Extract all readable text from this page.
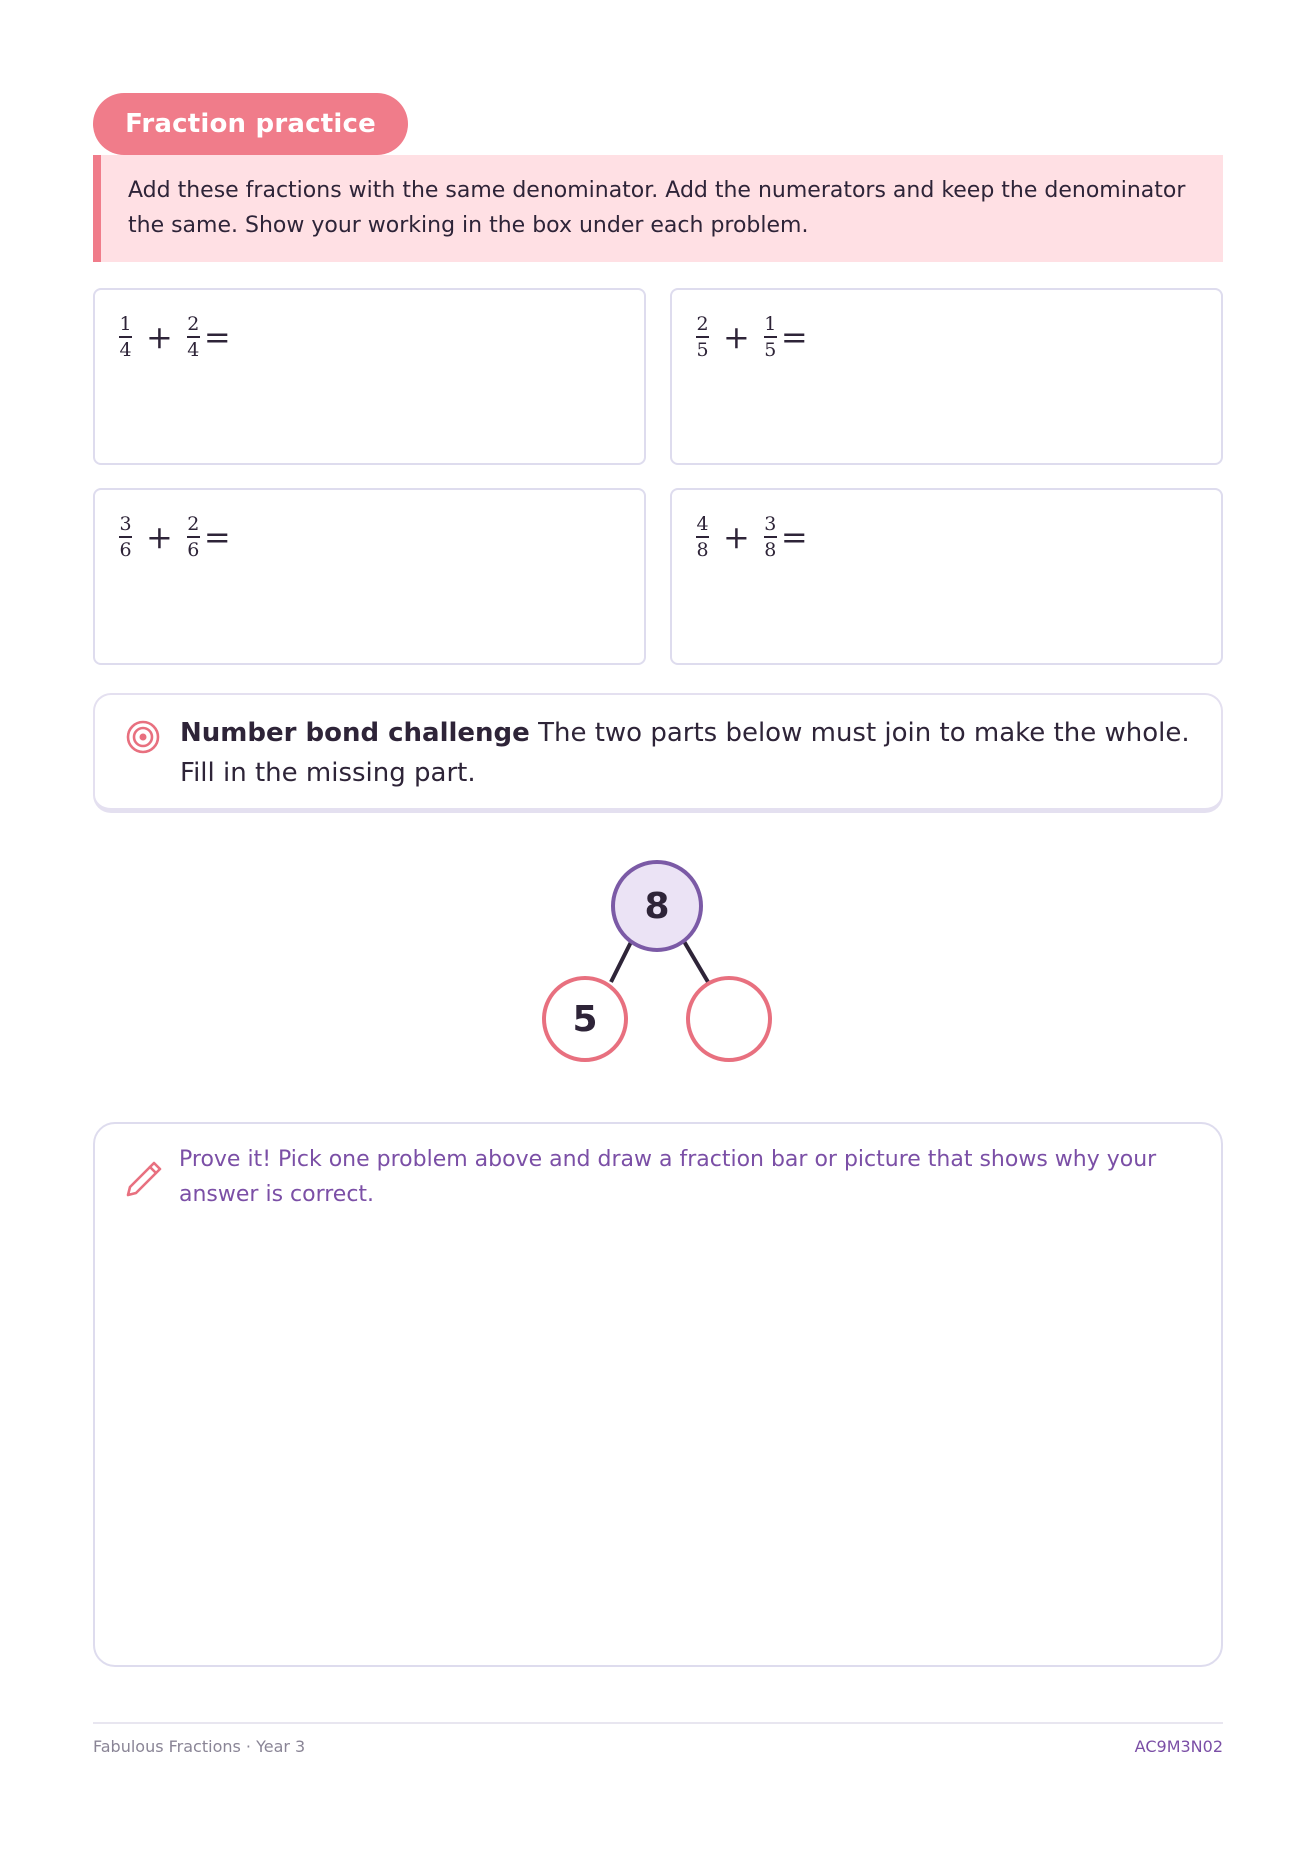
Fraction practice
Add these fractions with the same denominator. Add the numerators and keep the denominator the same. Show your working in the box under each problem.
$\frac{1}{4} + \frac{2}{4}$ =	$\frac{2}{5} + \frac{1}{5}$ =
$\frac{3}{6} + \frac{2}{6}$ =	$\frac{4}{8} + \frac{3}{8}$ =
Number bond challenge The two parts below must join to make the whole. Fill in the missing part.
8
5
Prove it! Pick one problem above and draw a fraction bar or picture that shows why your answer is correct.
Fabulous Fractions · Year 3	AC9M3N02
